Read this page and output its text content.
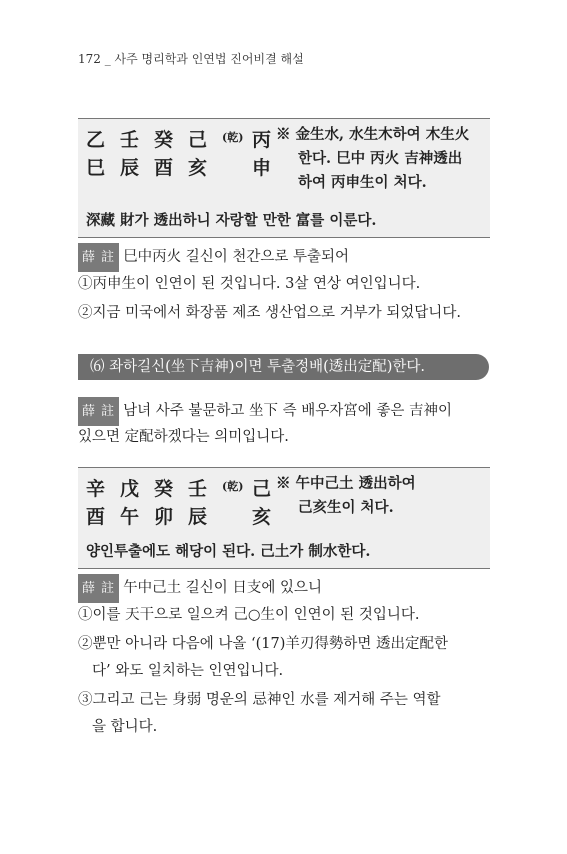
172 _ 사주 명리학과 인연법 진어비결 해설
乙 壬 癸 己	(乾) 丙
巳 辰 酉 亥	申
※ 金生水, 水生木하여 木生火
한다. 巳中 丙火 吉神透出
하여 丙申生이 처다.
深藏 財가 透出하니 자랑할 만한 富를 이룬다.
薛 註 巳中丙火 길신이 천간으로 투출되어
①丙申生이 인연이 된 것입니다. 3살 연상 여인입니다.
②지금 미국에서 화장품 제조 생산업으로 거부가 되었답니다.
⑹ 좌하길신(坐下吉神)이면 투출정배(透出定配)한다.
薛 註 남녀 사주 불문하고 坐下 즉 배우자宮에 좋은 吉神이
있으면 定配하겠다는 의미입니다.
辛 戊 癸 壬	(乾) 己
酉 午 卯 辰	亥
※ 午中己土 透出하여
己亥生이 처다.
양인투출에도 해당이 된다. 己土가 制水한다.
薛 註 午中己土 길신이 日支에 있으니
①이를 天干으로 일으켜 己○生이 인연이 된 것입니다.
②뿐만 아니라 다음에 나올 ‘(17)羊刃得勢하면 透出定配한
다’ 와도 일치하는 인연입니다.
③그리고 己는 身弱 명운의 忌神인 水를 제거해 주는 역할
을 합니다.
